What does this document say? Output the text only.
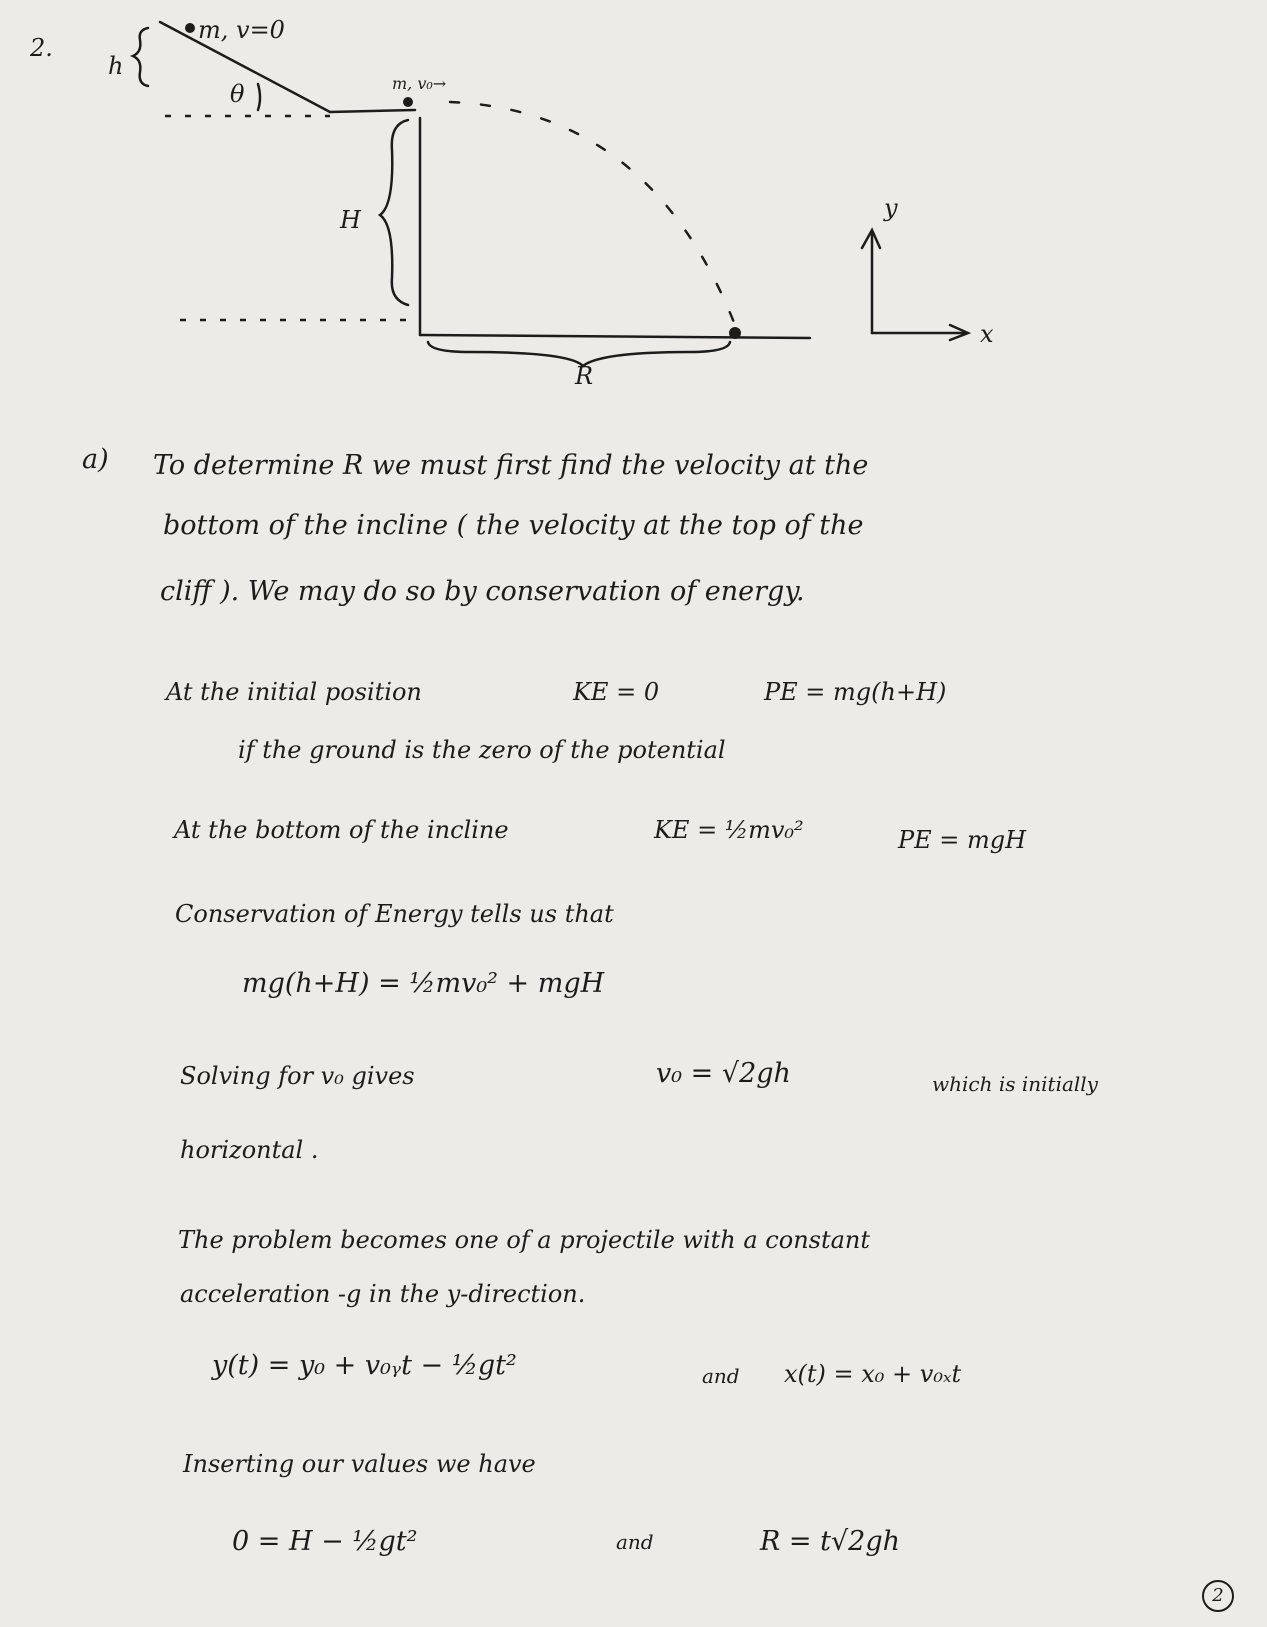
2.
h
m, v=0
θ	m, v₀→
H
R
y
x
a) To determine R we must first find the velocity at the
bottom of the incline ( the velocity at the top of the
cliff ). We may do so by conservation of energy.
At the initial position	KE = 0	PE = mg(h+H)
if the ground is the zero of the potential
At the bottom of the incline	KE = ½mv₀²	PE = mgH
Conservation of Energy tells us that
mg(h+H) = ½mv₀² + mgH
Solving for v₀ gives	v₀ = √2gh	which is initially
horizontal .
The problem becomes one of a projectile with a constant
acceleration -g in the y-direction.
y(t) = y₀ + v₀ᵧt − ½gt²	and x(t) = x₀ + v₀ₓt
Inserting our values we have
0 = H − ½gt²	and	R = t√2gh
2
